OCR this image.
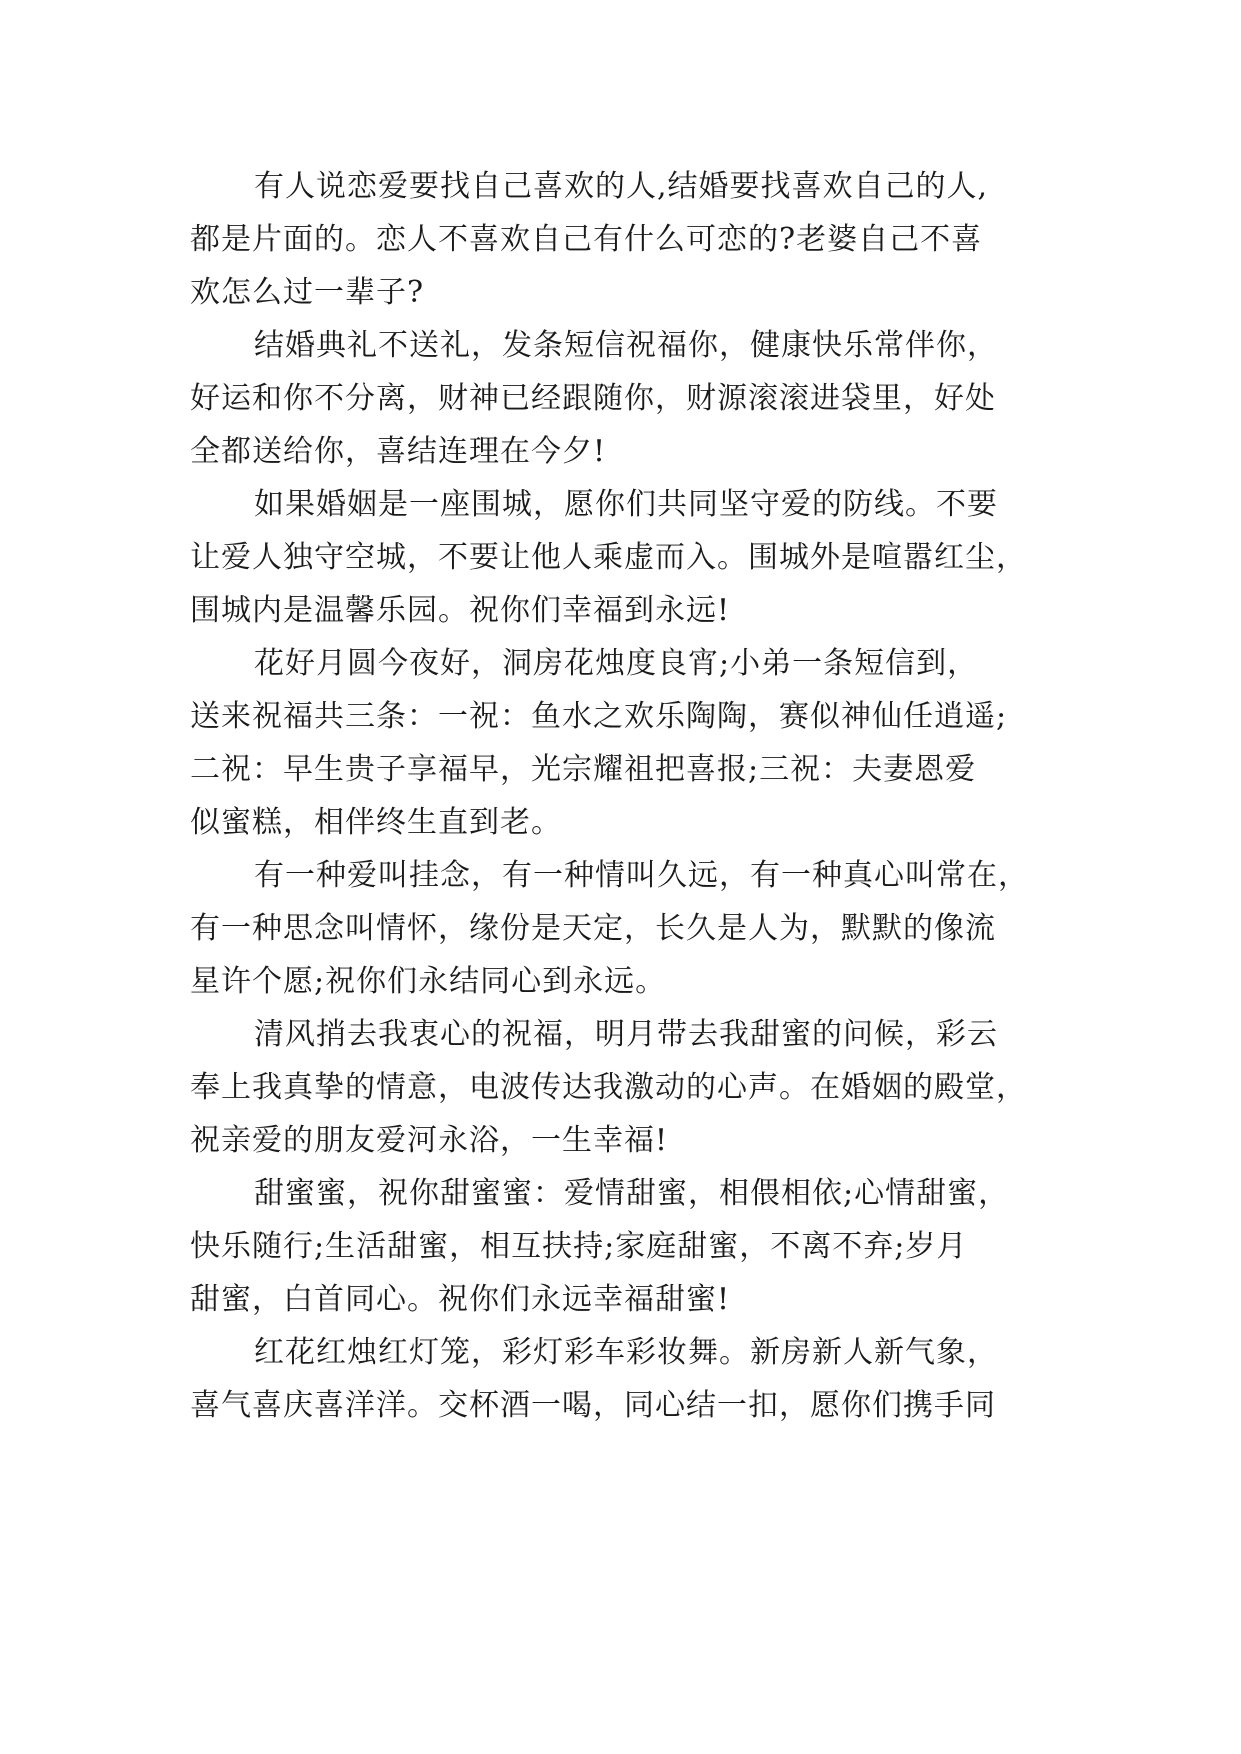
有人说恋爱要找自己喜欢的人,结婚要找喜欢自己的人,
都是片面的。恋人不喜欢自己有什么可恋的?老婆自己不喜
欢怎么过一辈子?
结婚典礼不送礼，发条短信祝福你，健康快乐常伴你，
好运和你不分离，财神已经跟随你，财源滚滚进袋里，好处
全都送给你，喜结连理在今夕!
如果婚姻是一座围城，愿你们共同坚守爱的防线。不要
让爱人独守空城，不要让他人乘虚而入。围城外是喧嚣红尘，
围城内是温馨乐园。祝你们幸福到永远!
花好月圆今夜好，洞房花烛度良宵;小弟一条短信到，
送来祝福共三条：一祝：鱼水之欢乐陶陶，赛似神仙任逍遥;
二祝：早生贵子享福早，光宗耀祖把喜报;三祝：夫妻恩爱
似蜜糕，相伴终生直到老。
有一种爱叫挂念，有一种情叫久远，有一种真心叫常在，
有一种思念叫情怀，缘份是天定，长久是人为，默默的像流
星许个愿;祝你们永结同心到永远。
清风捎去我衷心的祝福，明月带去我甜蜜的问候，彩云
奉上我真挚的情意，电波传达我激动的心声。在婚姻的殿堂，
祝亲爱的朋友爱河永浴，一生幸福!
甜蜜蜜，祝你甜蜜蜜：爱情甜蜜，相偎相依;心情甜蜜，
快乐随行;生活甜蜜，相互扶持;家庭甜蜜，不离不弃;岁月
甜蜜，白首同心。祝你们永远幸福甜蜜!
红花红烛红灯笼，彩灯彩车彩妆舞。新房新人新气象，
喜气喜庆喜洋洋。交杯酒一喝，同心结一扣，愿你们携手同
